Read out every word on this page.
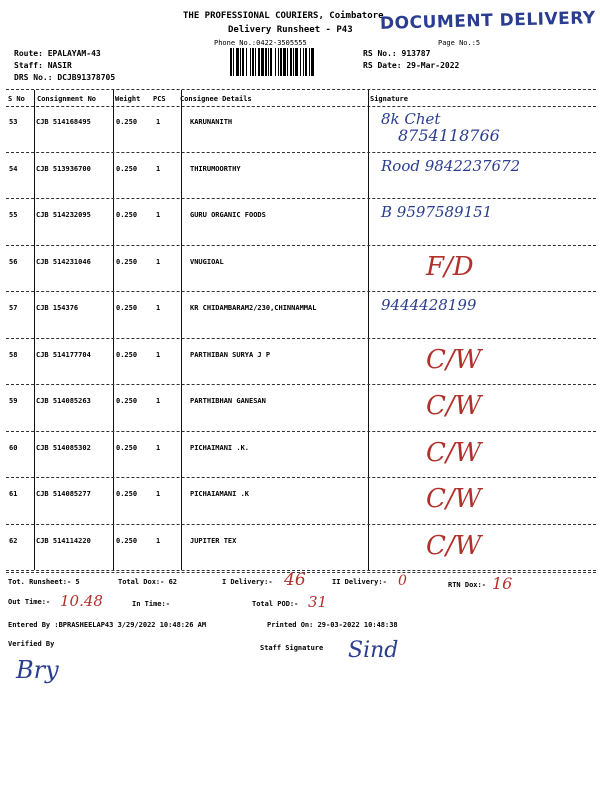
THE PROFESSIONAL COURIERS, Coimbatore
Delivery Runsheet - P43 DOCUMENT DELIVERY
Phone No.:0422-3505555	Page No.:5
Route: EPALAYAM-43
Staff: NASIR
DRS No.: DCJB91378705
RS No.: 913787
RS Date: 29-Mar-2022
S No Consignment No	Weight PCS Consignee Details	Signature
53	CJB 514168495	0.250	1	KARUNANITH	8k Chet
8754118766
54	CJB 513936700	0.250	1	THIRUMOORTHY	Rood 9842237672
55	CJB 514232095	0.250	1	GURU ORGANIC FOODS	B 9597589151
56	CJB 514231046	0.250	1	VNUGIOAL	F/D
57	CJB 154376	0.250	1	KR CHIDAMBARAM2/230,CHINNAMMAL	9444428199
58	CJB 514177704	0.250	1	PARTHIBAN SURYA J P	C/W
59	CJB 514085263	0.250	1	PARTHIBHAN GANESAN	C/W
60	CJB 514085302	0.250	1	PICHAIMANI .K.	C/W
61	CJB 514085277	0.250	1	PICHAIAMANI .K	C/W
62	CJB 514114220	0.250	1	JUPITER TEX	C/W
Tot. Runsheet:- 5	Total Dox:- 62	I Delivery:- 46	II Delivery:- 0	RTN Dox:- 16
Out Time:- 10.48	In Time:-	Total POD:- 31
Entered By :BPRASHEELAP43 3/29/2022 10:48:26 AM	Printed On: 29-03-2022 10:48:38
Verified By	Staff Signature
Bry
Sind
